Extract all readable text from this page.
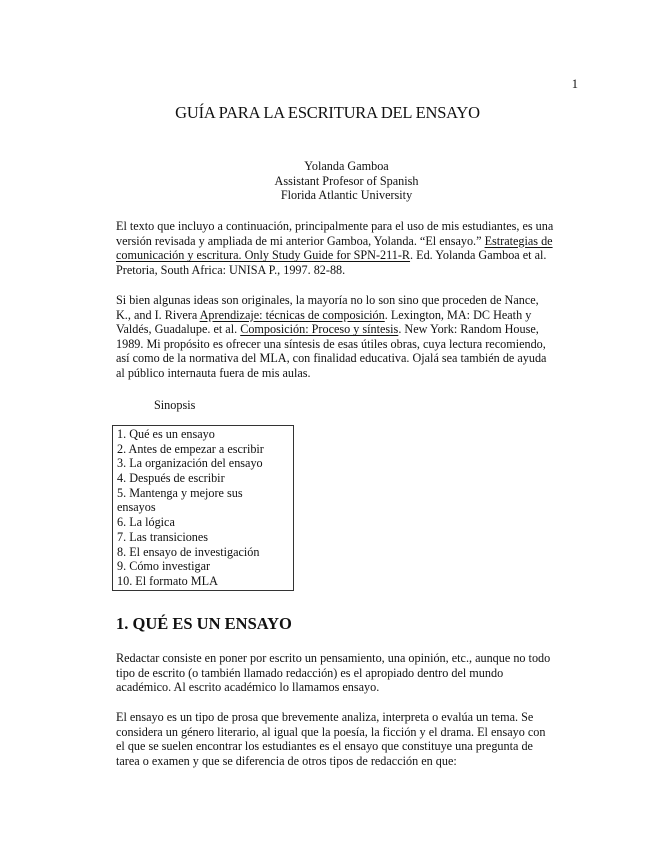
1
GUÍA PARA LA ESCRITURA DEL ENSAYO
Yolanda Gamboa
Assistant Profesor of Spanish
Florida Atlantic University
El texto que incluyo a continuación, principalmente para el uso de mis estudiantes, es una
versión revisada y ampliada de mi anterior Gamboa, Yolanda. “El ensayo.” Estrategias de
comunicación y escritura. Only Study Guide for SPN-211-R. Ed. Yolanda Gamboa et al.
Pretoria, South Africa: UNISA P., 1997. 82-88.
Si bien algunas ideas son originales, la mayoría no lo son sino que proceden de Nance,
K., and I. Rivera Aprendizaje: técnicas de composición. Lexington, MA: DC Heath y
Valdés, Guadalupe. et al. Composición: Proceso y síntesis. New York: Random House,
1989. Mi propósito es ofrecer una síntesis de esas útiles obras, cuya lectura recomiendo,
así como de la normativa del MLA, con finalidad educativa. Ojalá sea también de ayuda
al público internauta fuera de mis aulas.
Sinopsis
1. Qué es un ensayo
2. Antes de empezar a escribir
3. La organización del ensayo
4. Después de escribir
5. Mantenga y mejore sus
ensayos
6. La lógica
7. Las transiciones
8. El ensayo de investigación
9. Cómo investigar
10. El formato MLA
1. QUÉ ES UN ENSAYO
Redactar consiste en poner por escrito un pensamiento, una opinión, etc., aunque no todo
tipo de escrito (o también llamado redacción) es el apropiado dentro del mundo
académico. Al escrito académico lo llamamos ensayo.
El ensayo es un tipo de prosa que brevemente analiza, interpreta o evalúa un tema. Se
considera un género literario, al igual que la poesía, la ficción y el drama. El ensayo con
el que se suelen encontrar los estudiantes es el ensayo que constituye una pregunta de
tarea o examen y que se diferencia de otros tipos de redacción en que:
